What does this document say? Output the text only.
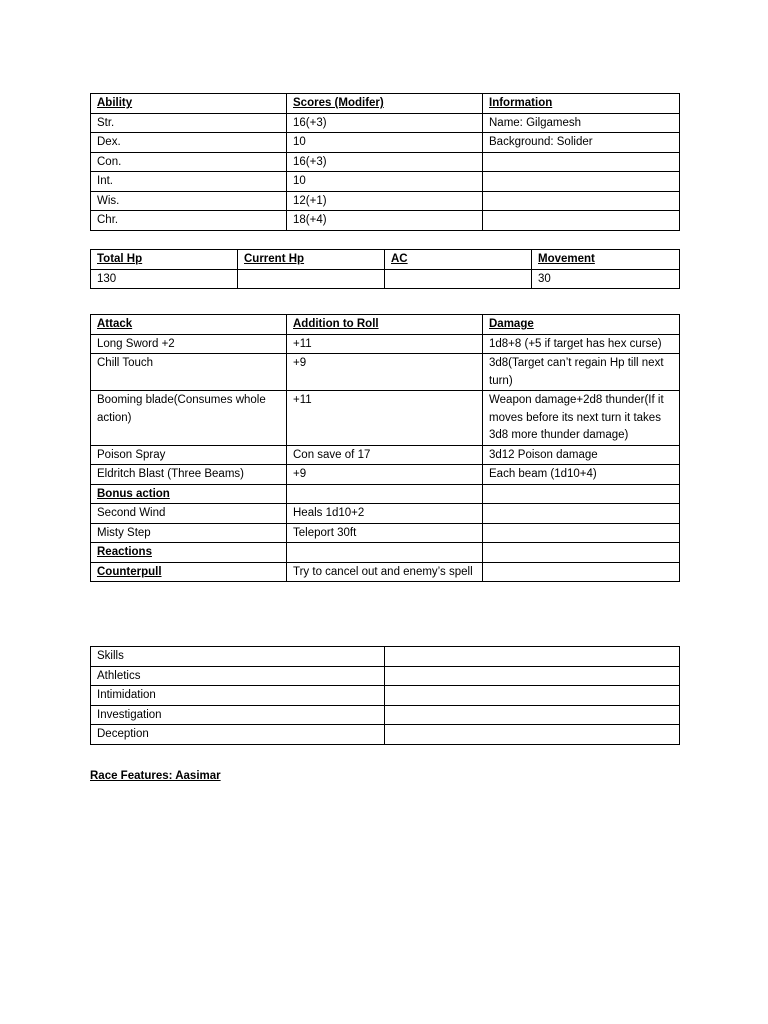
Ability	Scores (Modifer)	Information
Str.	16(+3)	Name: Gilgamesh
Dex.	10	Background: Solider
Con.	16(+3)	
Int.	10	
Wis.	12(+1)	
Chr.	18(+4)	
Total Hp	Current Hp	AC	Movement
130			30
Attack	Addition to Roll	Damage
Long Sword +2	+11	1d8+8 (+5 if target has hex curse)
Chill Touch	+9	3d8(Target can’t regain Hp till next turn)
Booming blade(Consumes whole action)	+11	Weapon damage+2d8 thunder(If it moves before its next turn it takes 3d8 more thunder damage)
Poison Spray	Con save of 17	3d12 Poison damage
Eldritch Blast (Three Beams)	+9	Each beam (1d10+4)
Bonus action		
Second Wind	Heals 1d10+2	
Misty Step	Teleport 30ft	
Reactions		
Counterpull	Try to cancel out and enemy’s spell	
Skills	
Athletics	
Intimidation	
Investigation	
Deception	
Race Features: Aasimar
